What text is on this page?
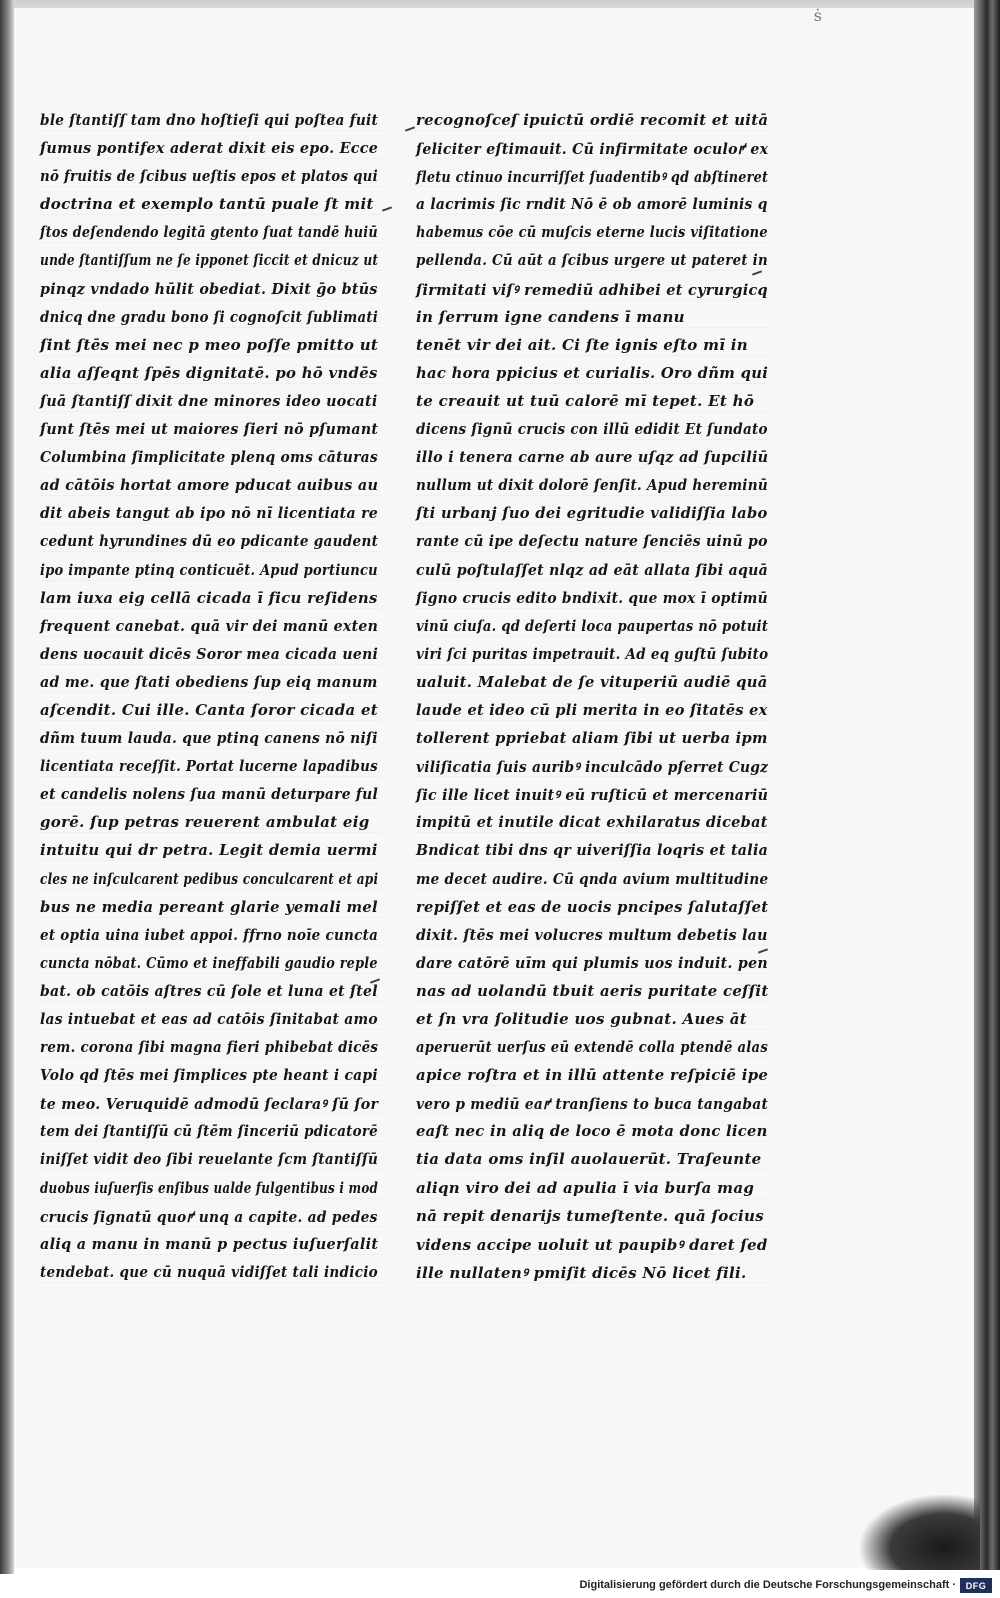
ṡ
ble ſtantiſſ tam dno hoſtieſi qui poſtea fuit
ſumus pontifex aderat dixit eis epo. Ecce
nō fruitis de ſcibus ueſtis epos et platos qui
doctrina et exemplo tantū puale ſt mit
ſtos deſendendo legitā gtento ſuat tandē huiū
unde ſtantiſſum ne ſe ipponet ſiccit et dnicuz ut
pinqz vndado hūlit obediat. Dixit ḡo btūs
dnicq dne gradu bono ſi cognoſcit ſublimati
ſint ſtēs mei nec p meo poſſe pmitto ut
alia aſſeqnt ſpēs dignitatē. po hō vndēs
ſuā ſtantiſſ dixit dne minores ideo uocati
ſunt ſtēs mei ut maiores ſieri nō pſumant
Columbina ſimplicitate plenq oms cāturas
ad cātōis hortat amore pducat auibus au
dit abeis tangut ab ipo nō nī licentiata re
cedunt hyrundines dū eo pdicante gaudent
ipo impante ptinq conticuēt. Apud portiuncu
lam iuxa eig cellā cicada ī ficu reſidens
frequent canebat. quā vir dei manū exten
dens uocauit dicēs Soror mea cicada ueni
ad me. que ſtati obediens ſup eiq manum
aſcendit. Cui ille. Canta ſoror cicada et
dñm tuum lauda. que ptinq canens nō niſi
licentiata receſſit. Portat lucerne lapadibus
et candelis nolens ſua manū deturpare ful
gorē. ſup petras reuerent ambulat eig
intuitu qui dr petra. Legit demia uermi
cles ne inſculcarent pedibus conculcarent et api
bus ne media pereant glarie yemali mel
et optia uina iubet appoi. ffrno noīe cuncta
cuncta nōbat. Cūmo et ineffabili gaudio reple
bat. ob catōis aſtres cū ſole et luna et ſtel
las intuebat et eas ad catōis ſinitabat amo
rem. corona ſibi magna fieri phibebat dicēs
Volo qd ſtēs mei ſimplices pte heant i capi
te meo. Veruquidē admodū ſeclaraꝰ ſū ſor
tem dei ſtantiſſū cū ſtēm ſinceriū pdicatorē
iniſſet vidit deo ſibi reuelante ſcm ſtantiſſū
duobus iuſuerſis enſibus ualde fulgentibus i mod
crucis ſignatū quoꝵ unq a capite. ad pedes
aliq a manu in manū p pectus iuſuerſalit
tendebat. que cū nuquā vidiſſet tali indicio
recognoſceſ ipuictū ordiē recomit et uitā
ſeliciter eſtimauit. Cū infirmitate oculoꝵ ex
fletu ctinuo incurriſſet ſuadentibꝰ qd abſtineret
a lacrimis ſic rndit Nō ē ob amorē luminis q
habemus cōe cū muſcis eterne lucis viſitatione
pellenda. Cū aūt a ſcibus urgere ut pateret in
ſirmitati viſꝰ remediū adhibei et cyrurgicq
in ſerrum igne candens ī manu
tenēt vir dei ait. Ci ſte ignis eſto mī in
hac hora ppicius et curialis. Oro dñm qui
te creauit ut tuū calorē mī tepet. Et hō
dicens ſignū crucis con illū edidit Et ſundato
illo i tenera carne ab aure uſqz ad ſupciliū
nullum ut dixit dolorē ſenſit. Apud hereminū
ſti urbanj ſuo dei egritudie validiſſia labo
rante cū ipe deſectu nature ſenciēs uinū po
culū poſtulaſſet nlqz ad eāt allata ſibi aquā
ſigno crucis edito bndixit. que mox ī optimū
vinū ciuſa. qd deſerti loca paupertas nō potuit
viri ſci puritas impetrauit. Ad eq guſtū ſubito
ualuit. Malebat de ſe vituperiū audiē quā
laude et ideo cū pli merita in eo ſitatēs ex
tollerent ppriebat aliam ſibi ut uerba ipm
viliſicatia ſuis auribꝰ inculcādo pſerret Cugz
ſic ille licet inuitꝰ eū ruſticū et mercenariū
impitū et inutile dicat exhilaratus dicebat
Bndicat tibi dns qr uiveriſſia loqris et talia
me decet audire. Cū qnda avium multitudine
repiſſet et eas de uocis pncipes ſalutaſſet
dixit. ſtēs mei volucres multum debetis lau
dare catōrē uīm qui plumis uos induit. pen
nas ad uolandū tbuit aeris puritate ceſſit
et ſn vra ſolitudie uos gubnat. Aues āt
aperuerūt uerſus eū extendē colla ptendē alas
apice roſtra et in illū attente reſpiciē ipe
vero p mediū eaꝵ tranſiens to buca tangabat
eaſt nec in aliq de loco ē mota donc licen
tia data oms inſil auolauerūt. Traſeunte
aliqn viro dei ad apulia ī via burſa mag
nā repit denarijs tumeſtente. quā ſocius
videns accipe uoluit ut paupibꝰ daret ſed
ille nullatenꝰ pmiſit dicēs Nō licet fili.
Digitalisierung gefördert durch die Deutsche Forschungsgemeinschaft ·	DFG
